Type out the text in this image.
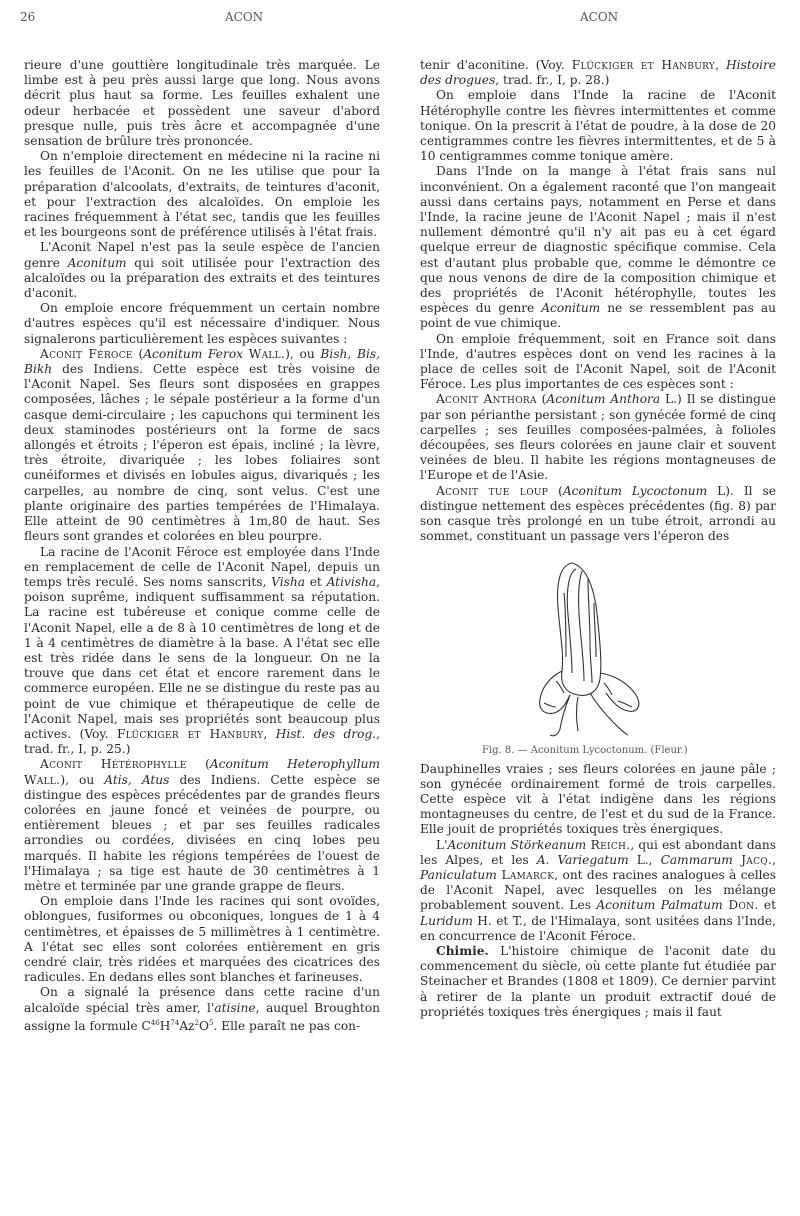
26	ACON	ACON

rieure d'une gouttière longitudinale très marquée. Le limbe est à peu près aussi large que long. Nous avons décrit plus haut sa forme. Les feuilles exhalent une odeur herbacée et possèdent une saveur d'abord presque nulle, puis très âcre et accompagnée d'une sensation de brûlure très prononcée.

On n'emploie directement en médecine ni la racine ni les feuilles de l'Aconit. On ne les utilise que pour la préparation d'alcoolats, d'extraits, de teintures d'aconit, et pour l'extraction des alcaloïdes. On emploie les racines fréquemment à l'état sec, tandis que les feuilles et les bourgeons sont de préférence utilisés à l'état frais.

L'Aconit Napel n'est pas la seule espèce de l'ancien genre Aconitum qui soit utilisée pour l'extraction des alcaloïdes ou la préparation des extraits et des teintures d'aconit.

On emploie encore fréquemment un certain nombre d'autres espèces qu'il est nécessaire d'indiquer. Nous signalerons particulièrement les espèces suivantes :

Aconit Féroce (Aconitum Ferox Wall.), ou Bish, Bis, Bikh des Indiens. Cette espèce est très voisine de l'Aconit Napel. Ses fleurs sont disposées en grappes composées, lâches ; le sépale postérieur a la forme d'un casque demi-circulaire ; les capuchons qui terminent les deux staminodes postérieurs ont la forme de sacs allongés et étroits ; l'éperon est épais, incliné ; la lèvre, très étroite, divariquée ; les lobes foliaires sont cunéiformes et divisés en lobules aigus, divariqués ; les carpelles, au nombre de cinq, sont velus. C'est une plante originaire des parties tempérées de l'Himalaya. Elle atteint de 90 centimètres à 1m,80 de haut. Ses fleurs sont grandes et colorées en bleu pourpre.

La racine de l'Aconit Féroce est employée dans l'Inde en remplacement de celle de l'Aconit Napel, depuis un temps très reculé. Ses noms sanscrits, Visha et Ativisha, poison suprême, indiquent suffisamment sa réputation. La racine est tubéreuse et conique comme celle de l'Aconit Napel, elle a de 8 à 10 centimètres de long et de 1 à 4 centimètres de diamètre à la base. A l'état sec elle est très ridée dans le sens de la longueur. On ne la trouve que dans cet état et encore rarement dans le commerce européen. Elle ne se distingue du reste pas au point de vue chimique et thérapeutique de celle de l'Aconit Napel, mais ses propriétés sont beaucoup plus actives. (Voy. Flückiger et Hanbury, Hist. des drog., trad. fr., I, p. 25.)

Aconit Hétérophylle (Aconitum Heterophyllum Wall.), ou Atis, Atus des Indiens. Cette espèce se distingue des espèces précédentes par de grandes fleurs colorées en jaune foncé et veinées de pourpre, ou entièrement bleues ; et par ses feuilles radicales arrondies ou cordées, divisées en cinq lobes peu marqués. Il habite les régions tempérées de l'ouest de l'Himalaya ; sa tige est haute de 30 centimètres à 1 mètre et terminée par une grande grappe de fleurs.

On emploie dans l'Inde les racines qui sont ovoïdes, oblongues, fusiformes ou obconiques, longues de 1 à 4 centimètres, et épaisses de 5 millimètres à 1 centimètre. A l'état sec elles sont colorées entièrement en gris cendré clair, très ridées et marquées des cicatrices des radicules. En dedans elles sont blanches et farineuses.

On a signalé la présence dans cette racine d'un alcaloïde spécial très amer, l'atisine, auquel Broughton assigne la formule $C^{46}H^{74}Az^2O^5$. Elle paraît ne pas con-

tenir d'aconitine. (Voy. Flückiger et Hanbury, Histoire des drogues, trad. fr., I, p. 28.)

On emploie dans l'Inde la racine de l'Aconit Hétérophylle contre les fièvres intermittentes et comme tonique. On la prescrit à l'état de poudre, à la dose de 20 centigrammes contre les fièvres intermittentes, et de 5 à 10 centigrammes comme tonique amère.

Dans l'Inde on la mange à l'état frais sans nul inconvénient. On a également raconté que l'on mangeait aussi dans certains pays, notamment en Perse et dans l'Inde, la racine jeune de l'Aconit Napel ; mais il n'est nullement démontré qu'il n'y ait pas eu à cet égard quelque erreur de diagnostic spécifique commise. Cela est d'autant plus probable que, comme le démontre ce que nous venons de dire de la composition chimique et des propriétés de l'Aconit hétérophylle, toutes les espèces du genre Aconitum ne se ressemblent pas au point de vue chimique.

On emploie fréquemment, soit en France soit dans l'Inde, d'autres espèces dont on vend les racines à la place de celles soit de l'Aconit Napel, soit de l'Aconit Féroce. Les plus importantes de ces espèces sont :

Aconit Anthora (Aconitum Anthora L.) Il se distingue par son périanthe persistant ; son gynécée formé de cinq carpelles ; ses feuilles composées-palmées, à folioles découpées, ses fleurs colorées en jaune clair et souvent veinées de bleu. Il habite les régions montagneuses de l'Europe et de l'Asie.

Aconit tue loup (Aconitum Lycoctonum L). Il se distingue nettement des espèces précédentes (fig. 8) par son casque très prolongé en un tube étroit, arrondi au sommet, constituant un passage vers l'éperon des

Fig. 8. — Aconitum Lycoctonum. (Fleur.)

Dauphinelles vraies ; ses fleurs colorées en jaune pâle ; son gynécée ordinairement formé de trois carpelles. Cette espèce vit à l'état indigène dans les régions montagneuses du centre, de l'est et du sud de la France. Elle jouit de propriétés toxiques très énergiques.

L'Aconitum Störkeanum Reich., qui est abondant dans les Alpes, et les A. Variegatum L., Cammarum Jacq., Paniculatum Lamarck, ont des racines analogues à celles de l'Aconit Napel, avec lesquelles on les mélange probablement souvent. Les Aconitum Palmatum Don. et Luridum H. et T., de l'Himalaya, sont usitées dans l'Inde, en concurrence de l'Aconit Féroce.

Chimie. L'histoire chimique de l'aconit date du commencement du siècle, où cette plante fut étudiée par Steinacher et Brandes (1808 et 1809). Ce dernier parvint à retirer de la plante un produit extractif doué de propriétés toxiques très énergiques ; mais il faut
